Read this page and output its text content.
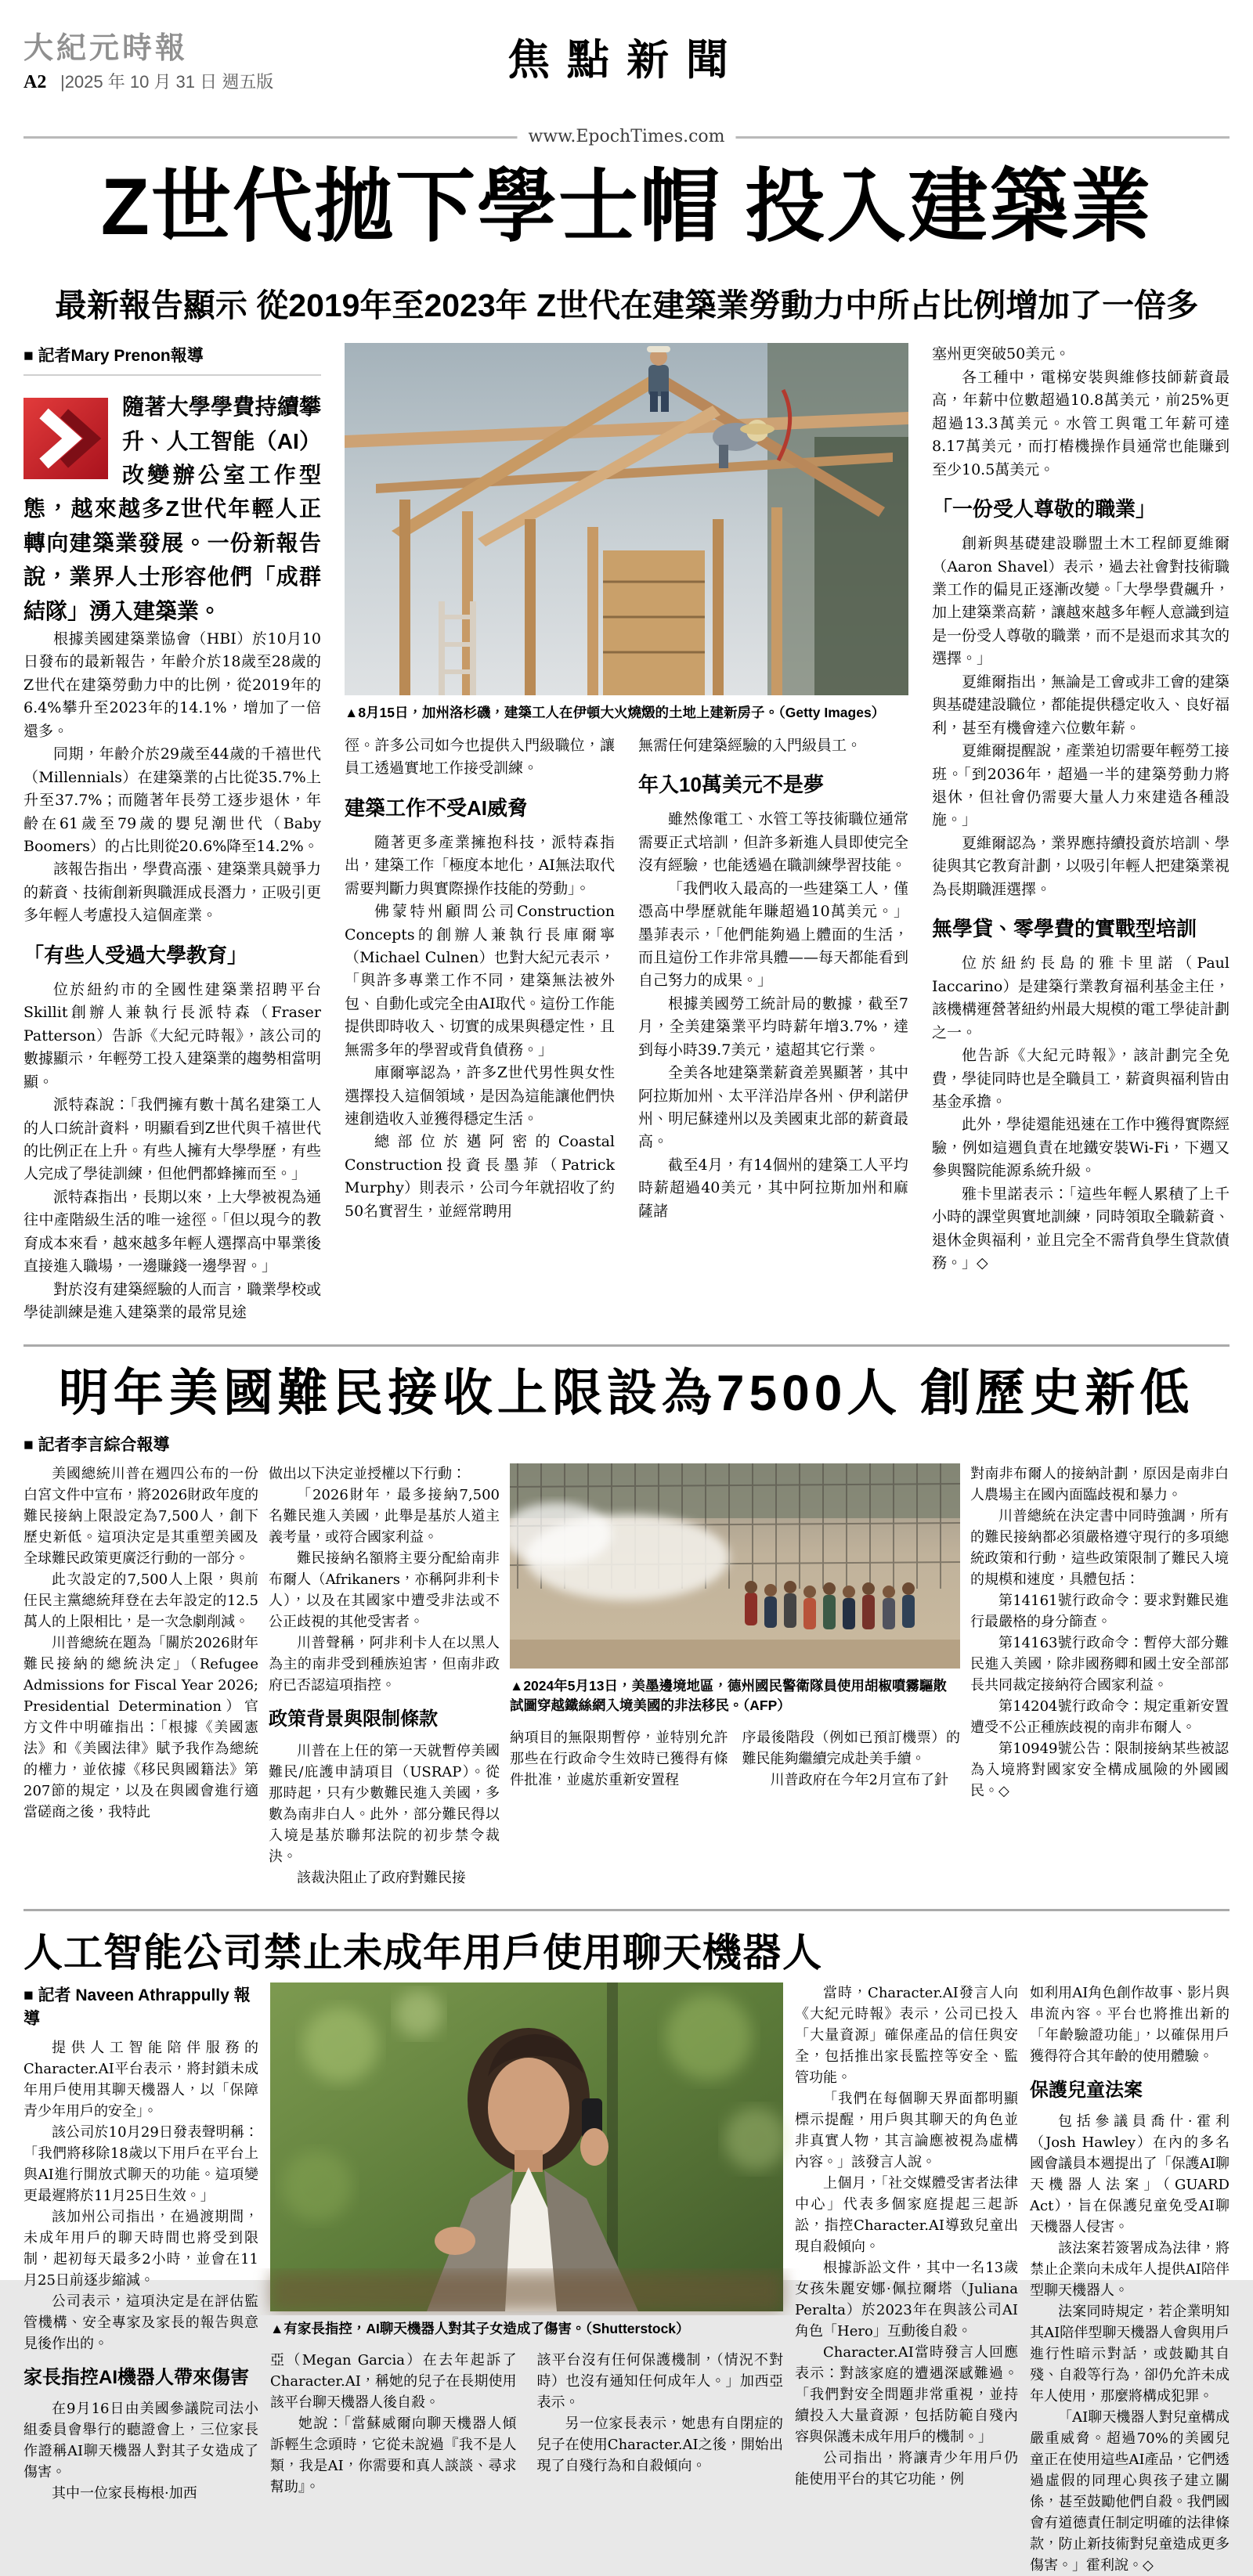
大紀元時報
A2 |2025 年 10 月 31 日 週五版	焦點新聞
www.EpochTimes.com
Z世代拋下學士帽 投入建築業
最新報告顯示 從2019年至2023年 Z世代在建築業勞動力中所占比例增加了一倍多
■ 記者Mary Prenon報導

隨著大學學費持續攀升、人工智能（AI）改變辦公室工作型態，越來越多Z世代年輕人正轉向建築業發展。一份新報告說，業界人士形容他們「成群結隊」湧入建築業。

根據美國建築業協會（HBI）於10月10日發布的最新報告，年齡介於18歲至28歲的Z世代在建築勞動力中的比例，從2019年的6.4%攀升至2023年的14.1%，增加了一倍還多。

同期，年齡介於29歲至44歲的千禧世代（Millennials）在建築業的占比從35.7%上升至37.7%；而隨著年長勞工逐步退休，年齡在61歲至79歲的嬰兒潮世代（Baby Boomers）的占比則從20.6%降至14.2%。

該報告指出，學費高漲、建築業具競爭力的薪資、技術創新與職涯成長潛力，正吸引更多年輕人考慮投入這個產業。

「有些人受過大學教育」

位於紐約市的全國性建築業招聘平台Skillit創辦人兼執行長派特森（Fraser Patterson）告訴《大紀元時報》，該公司的數據顯示，年輕勞工投入建築業的趨勢相當明顯。

派特森說：「我們擁有數十萬名建築工人的人口統計資料，明顯看到Z世代與千禧世代的比例正在上升。有些人擁有大學學歷，有些人完成了學徒訓練，但他們都蜂擁而至。」

派特森指出，長期以來，上大學被視為通往中產階級生活的唯一途徑。「但以現今的教育成本來看，越來越多年輕人選擇高中畢業後直接進入職場，一邊賺錢一邊學習。」

對於沒有建築經驗的人而言，職業學校或學徒訓練是進入建築業的最常見途

▲8月15日，加州洛杉磯，建築工人在伊頓大火燒燬的土地上建新房子。（Getty Images）

徑。許多公司如今也提供入門級職位，讓員工透過實地工作接受訓練。

建築工作不受AI威脅

隨著更多產業擁抱科技，派特森指出，建築工作「極度本地化，AI無法取代需要判斷力與實際操作技能的勞動」。

佛蒙特州顧問公司Construction Concepts的創辦人兼執行長庫爾寧（Michael Culnen）也對大紀元表示，「與許多專業工作不同，建築無法被外包、自動化或完全由AI取代。這份工作能提供即時收入、切實的成果與穩定性，且無需多年的學習或背負債務。」

庫爾寧認為，許多Z世代男性與女性選擇投入這個領域，是因為這能讓他們快速創造收入並獲得穩定生活。

總部位於邁阿密的Coastal Construction投資長墨菲（Patrick Murphy）則表示，公司今年就招收了約50名實習生，並經常聘用

無需任何建築經驗的入門級員工。

年入10萬美元不是夢

雖然像電工、水管工等技術職位通常需要正式培訓，但許多新進人員即使完全沒有經驗，也能透過在職訓練學習技能。

「我們收入最高的一些建築工人，僅憑高中學歷就能年賺超過10萬美元。」墨菲表示，「他們能夠過上體面的生活，而且這份工作非常具體——每天都能看到自己努力的成果。」

根據美國勞工統計局的數據，截至7月，全美建築業平均時薪年增3.7%，達到每小時39.7美元，遠超其它行業。

全美各地建築業薪資差異顯著，其中阿拉斯加州、太平洋沿岸各州、伊利諾伊州、明尼蘇達州以及美國東北部的薪資最高。

截至4月，有14個州的建築工人平均時薪超過40美元，其中阿拉斯加州和麻薩諸

塞州更突破50美元。

各工種中，電梯安裝與維修技師薪資最高，年薪中位數超過10.8萬美元，前25%更超過13.3萬美元。水管工與電工年薪可達8.17萬美元，而打樁機操作員通常也能賺到至少10.5萬美元。

「一份受人尊敬的職業」

創新與基礎建設聯盟土木工程師夏維爾（Aaron Shavel）表示，過去社會對技術職業工作的偏見正逐漸改變。「大學學費飆升，加上建築業高薪，讓越來越多年輕人意識到這是一份受人尊敬的職業，而不是退而求其次的選擇。」

夏維爾指出，無論是工會或非工會的建築與基礎建設職位，都能提供穩定收入、良好福利，甚至有機會達六位數年薪。

夏維爾提醒說，產業迫切需要年輕勞工接班。「到2036年，超過一半的建築勞動力將退休，但社會仍需要大量人力來建造各種設施。」

夏維爾認為，業界應持續投資於培訓、學徒與其它教育計劃，以吸引年輕人把建築業視為長期職涯選擇。

無學貸、零學費的實戰型培訓

位於紐約長島的雅卡里諾（Paul Iaccarino）是建築行業教育福利基金主任，該機構運營著紐約州最大規模的電工學徒計劃之一。

他告訴《大紀元時報》，該計劃完全免費，學徒同時也是全職員工，薪資與福利皆由基金承擔。

此外，學徒還能迅速在工作中獲得實際經驗，例如這週負責在地鐵安裝Wi-Fi，下週又參與醫院能源系統升級。

雅卡里諾表示：「這些年輕人累積了上千小時的課堂與實地訓練，同時領取全職薪資、退休金與福利，並且完全不需背負學生貸款債務。」◇

明年美國難民接收上限設為7500人 創歷史新低
■ 記者李言綜合報導

美國總統川普在週四公布的一份白宮文件中宣布，將2026財政年度的難民接納上限設定為7,500人，創下歷史新低。這項決定是其重塑美國及全球難民政策更廣泛行動的一部分。

此次設定的7,500人上限，與前任民主黨總統拜登在去年設定的12.5萬人的上限相比，是一次急劇削減。

川普總統在題為「關於2026財年難民接納的總統決定」（Refugee Admissions for Fiscal Year 2026; Presidential Determination）官方文件中明確指出：「根據《美國憲法》和《美國法律》賦予我作為總統的權力，並依據《移民與國籍法》第207節的規定，以及在與國會進行適當磋商之後，我特此

做出以下決定並授權以下行動：

「2026財年，最多接納7,500名難民進入美國，此舉是基於人道主義考量，或符合國家利益。

難民接納名額將主要分配給南非布爾人（Afrikaners，亦稱阿非利卡人），以及在其國家中遭受非法或不公正歧視的其他受害者。

川普聲稱，阿非利卡人在以黑人為主的南非受到種族迫害，但南非政府已否認這項指控。

政策背景與限制條款

川普在上任的第一天就暫停美國難民/庇護申請項目（USRAP）。從那時起，只有少數難民進入美國，多數為南非白人。此外，部分難民得以入境是基於聯邦法院的初步禁令裁決。

該裁決阻止了政府對難民接

▲2024年5月13日，美墨邊境地區，德州國民警衛隊員使用胡椒噴霧驅散試圖穿越鐵絲網入境美國的非法移民。（AFP）

納項目的無限期暫停，並特別允許那些在行政命令生效時已獲得有條件批准，並處於重新安置程

序最後階段（例如已預訂機票）的難民能夠繼續完成赴美手續。

川普政府在今年2月宣布了針

對南非布爾人的接納計劃，原因是南非白人農場主在國內面臨歧視和暴力。

川普總統在決定書中同時強調，所有的難民接納都必須嚴格遵守現行的多項總統政策和行動，這些政策限制了難民入境的規模和速度，具體包括：

第14161號行政命令：要求對難民進行最嚴格的身分篩查。

第14163號行政命令：暫停大部分難民進入美國，除非國務卿和國土安全部部長共同裁定接納符合國家利益。

第14204號行政命令：規定重新安置遭受不公正種族歧視的南非布爾人。

第10949號公告：限制接納某些被認為入境將對國家安全構成風險的外國國民。◇

人工智能公司禁止未成年用戶使用聊天機器人
■ 記者 Naveen Athrappully 報導

提供人工智能陪伴服務的Character.AI平台表示，將封鎖未成年用戶使用其聊天機器人，以「保障青少年用戶的安全」。

該公司於10月29日發表聲明稱：「我們將移除18歲以下用戶在平台上與AI進行開放式聊天的功能。這項變更最遲將於11月25日生效。」

該加州公司指出，在過渡期間，未成年用戶的聊天時間也將受到限制，起初每天最多2小時，並會在11月25日前逐步縮減。

公司表示，這項決定是在評估監管機構、安全專家及家長的報告與意見後作出的。

家長指控AI機器人帶來傷害

在9月16日由美國參議院司法小組委員會舉行的聽證會上，三位家長作證稱AI聊天機器人對其子女造成了傷害。

其中一位家長梅根·加西

▲有家長指控，AI聊天機器人對其子女造成了傷害。（Shutterstock）

亞（Megan Garcia）在去年起訴了Character.AI，稱她的兒子在長期使用該平台聊天機器人後自殺。

她說：「當蘇威爾向聊天機器人傾訴輕生念頭時，它從未說過『我不是人類，我是AI，你需要和真人談談、尋求幫助』。

該平台沒有任何保護機制，（情況不對時）也沒有通知任何成年人。」加西亞表示。

另一位家長表示，她患有自閉症的兒子在使用Character.AI之後，開始出現了自殘行為和自殺傾向。

當時，Character.AI發言人向《大紀元時報》表示，公司已投入「大量資源」確保產品的信任與安全，包括推出家長監控等安全、監管功能。

「我們在每個聊天界面都明顯標示提醒，用戶與其聊天的角色並非真實人物，其言論應被視為虛構內容。」該發言人說。

上個月，「社交媒體受害者法律中心」代表多個家庭提起三起訴訟，指控Character.AI導致兒童出現自殺傾向。

根據訴訟文件，其中一名13歲女孩朱麗安娜·佩拉爾塔（Juliana Peralta）於2023年在與該公司AI角色「Hero」互動後自殺。

Character.AI當時發言人回應表示：對該家庭的遭遇深感難過。「我們對安全問題非常重視，並持續投入大量資源，包括防範自殘內容與保護未成年用戶的機制。」

公司指出，將讓青少年用戶仍能使用平台的其它功能，例

如利用AI角色創作故事、影片與串流內容。平台也將推出新的「年齡驗證功能」，以確保用戶獲得符合其年齡的使用體驗。

保護兒童法案

包括參議員喬什·霍利（Josh Hawley）在內的多名國會議員本週提出了「保護AI聊天機器人法案」（GUARD Act），旨在保護兒童免受AI聊天機器人侵害。

該法案若簽署成為法律，將禁止企業向未成年人提供AI陪伴型聊天機器人。

法案同時規定，若企業明知其AI陪伴型聊天機器人會與用戶進行性暗示對話，或鼓勵其自殘、自殺等行為，卻仍允許未成年人使用，那麼將構成犯罪。

「AI聊天機器人對兒童構成嚴重威脅。超過70%的美國兒童正在使用這些AI產品，它們透過虛假的同理心與孩子建立關係，甚至鼓勵他們自殺。我們國會有道德責任制定明確的法律條款，防止新技術對兒童造成更多傷害。」霍利說。◇
